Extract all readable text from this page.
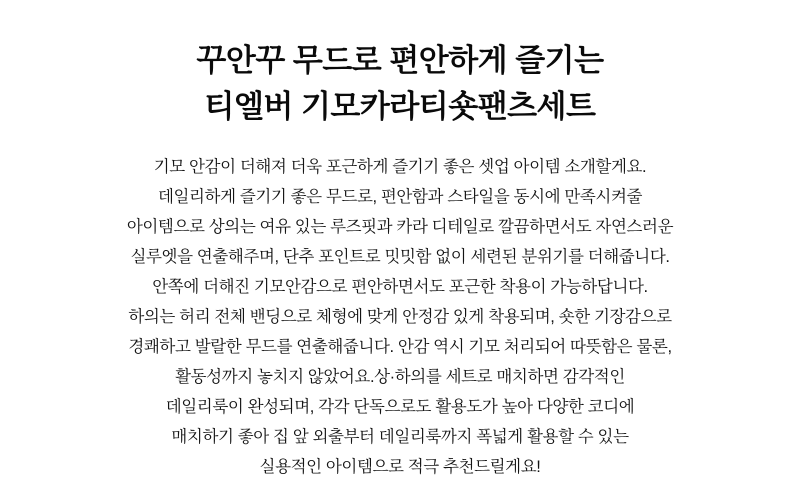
꾸안꾸 무드로 편안하게 즐기는
티엘버 기모카라티숏팬츠세트
기모 안감이 더해져 더욱 포근하게 즐기기 좋은 셋업 아이템 소개할게요.
데일리하게 즐기기 좋은 무드로, 편안함과 스타일을 동시에 만족시켜줄
아이템으로 상의는 여유 있는 루즈핏과 카라 디테일로 깔끔하면서도 자연스러운
실루엣을 연출해주며, 단추 포인트로 밋밋함 없이 세련된 분위기를 더해줍니다.
안쪽에 더해진 기모안감으로 편안하면서도 포근한 착용이 가능하답니다.
하의는 허리 전체 밴딩으로 체형에 맞게 안정감 있게 착용되며, 숏한 기장감으로
경쾌하고 발랄한 무드를 연출해줍니다. 안감 역시 기모 처리되어 따뜻함은 물론,
활동성까지 놓치지 않았어요.상·하의를 세트로 매치하면 감각적인
데일리룩이 완성되며, 각각 단독으로도 활용도가 높아 다양한 코디에
매치하기 좋아 집 앞 외출부터 데일리룩까지 폭넓게 활용할 수 있는
실용적인 아이템으로 적극 추천드릴게요!
